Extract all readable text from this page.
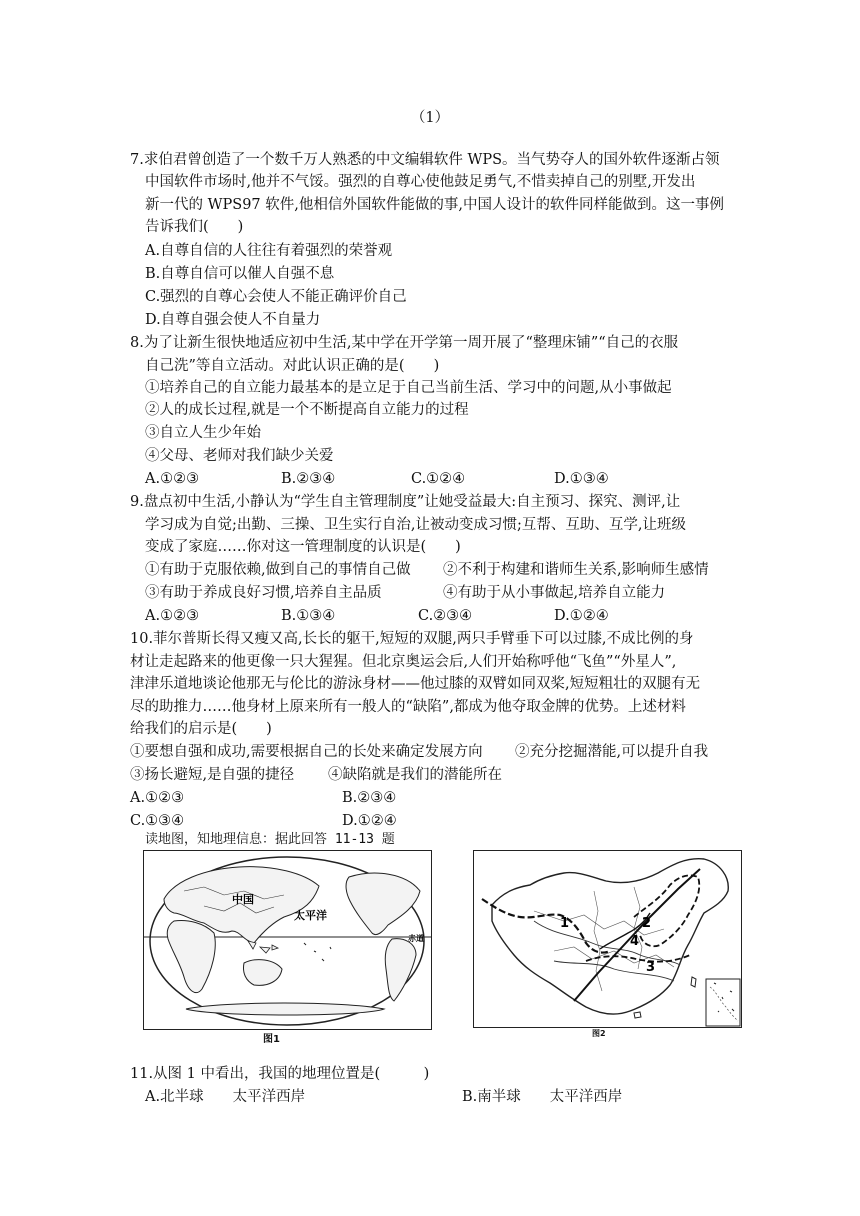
（1）
7.求伯君曾创造了一个数千万人熟悉的中文编辑软件 WPS。当气势夺人的国外软件逐渐占领
中国软件市场时,他并不气馁。强烈的自尊心使他鼓足勇气,不惜卖掉自己的别墅,开发出
新一代的 WPS97 软件,他相信外国软件能做的事,中国人设计的软件同样能做到。这一事例
告诉我们(　　)
A.自尊自信的人往往有着强烈的荣誉观
B.自尊自信可以催人自强不息
C.强烈的自尊心会使人不能正确评价自己
D.自尊自强会使人不自量力
8.为了让新生很快地适应初中生活,某中学在开学第一周开展了“整理床铺”“自己的衣服
自己洗”等自立活动。对此认识正确的是(　　)
①培养自己的自立能力最基本的是立足于自己当前生活、学习中的问题,从小事做起
②人的成长过程,就是一个不断提高自立能力的过程
③自立人生少年始
④父母、老师对我们缺少关爱
A.①②③	B.②③④	C.①②④	D.①③④
9.盘点初中生活,小静认为“学生自主管理制度”让她受益最大:自主预习、探究、测评,让
学习成为自觉;出勤、三操、卫生实行自治,让被动变成习惯;互帮、互助、互学,让班级
变成了家庭……你对这一管理制度的认识是(　　)
①有助于克服依赖,做到自己的事情自己做 ②不利于构建和谐师生关系,影响师生感情
③有助于养成良好习惯,培养自主品质	④有助于从小事做起,培养自立能力
A.①②③	B.①③④	C.②③④	D.①②④
10.菲尔普斯长得又瘦又高,长长的躯干,短短的双腿,两只手臂垂下可以过膝,不成比例的身
材让走起路来的他更像一只大猩猩。但北京奥运会后,人们开始称呼他“飞鱼”“外星人”,
津津乐道地谈论他那无与伦比的游泳身材——他过膝的双臂如同双桨,短短粗壮的双腿有无
尽的助推力……他身材上原来所有一般人的“缺陷”,都成为他夺取金牌的优势。上述材料
给我们的启示是(　　)
①要想自强和成功,需要根据自己的长处来确定发展方向 ②充分挖掘潜能,可以提升自我
③扬长避短,是自强的捷径 ④缺陷就是我们的潜能所在
A.①②③	B.②③④
C.①③④	D.①②④
读地图，知地理信息：据此回答 11-13 题
中国
太平洋
赤道
图1
1	2
3
4
图2
11.从图 1 中看出，我国的地理位置是(　　　)
A.北半球　　太平洋西岸	B.南半球　　太平洋西岸
